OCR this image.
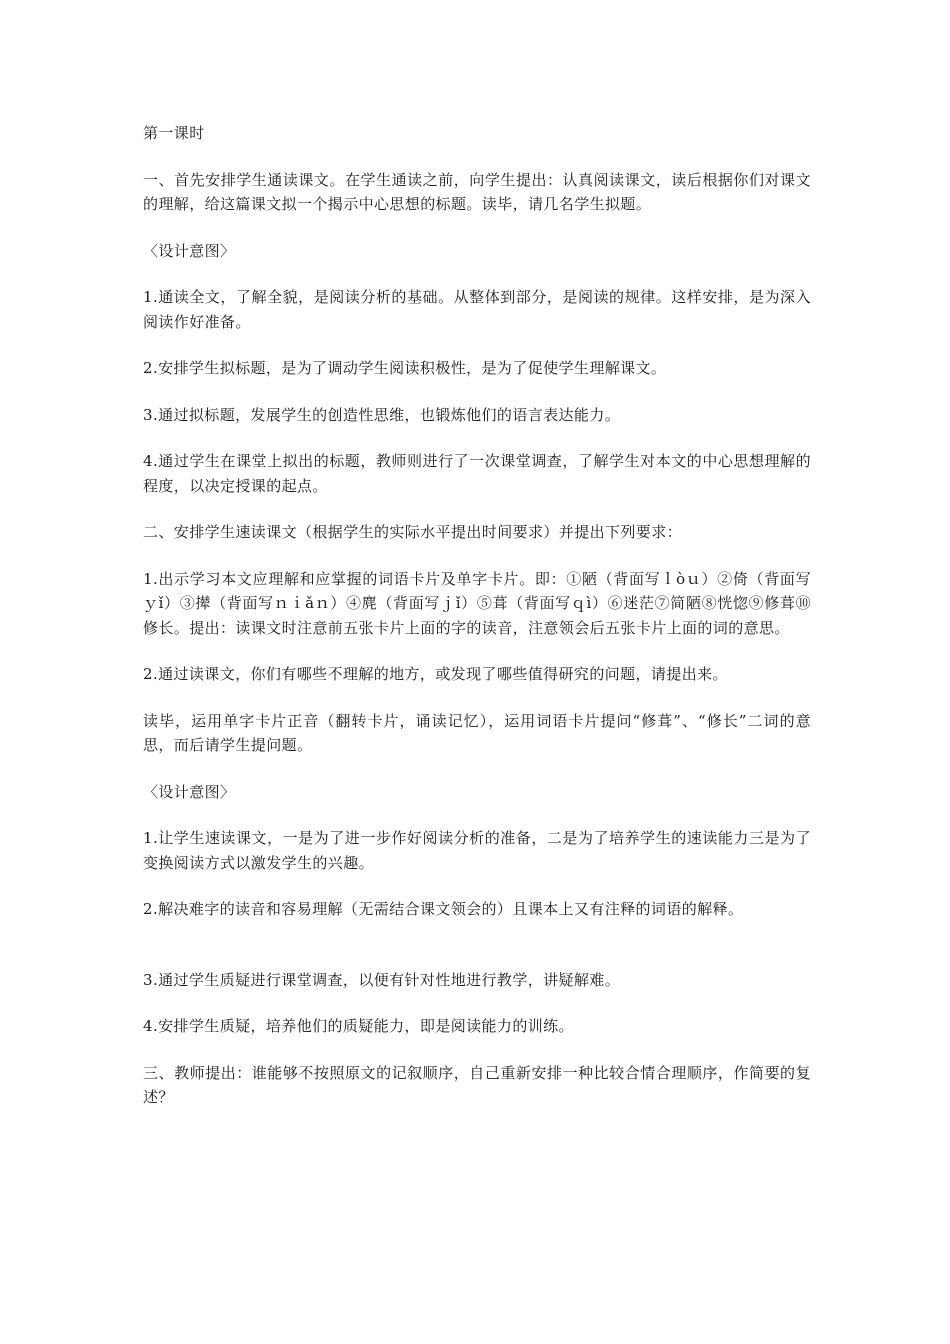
第一课时

一、首先安排学生通读课文。在学生通读之前，向学生提出：认真阅读课文，读后根据你们对课文的理解，给这篇课文拟一个揭示中心思想的标题。读毕，请几名学生拟题。

〈设计意图〉

1.通读全文，了解全貌，是阅读分析的基础。从整体到部分，是阅读的规律。这样安排，是为深入阅读作好准备。

2.安排学生拟标题，是为了调动学生阅读积极性，是为了促使学生理解课文。

3.通过拟标题，发展学生的创造性思维，也锻炼他们的语言表达能力。

4.通过学生在课堂上拟出的标题，教师则进行了一次课堂调查，了解学生对本文的中心思想理解的程度，以决定授课的起点。

二、安排学生速读课文（根据学生的实际水平提出时间要求）并提出下列要求：

1.出示学习本文应理解和应掌握的词语卡片及单字卡片。即：①陋（背面写ｌòｕ）②倚（背面写ｙǐ）③撵（背面写ｎｉǎｎ）④麂（背面写ｊǐ）⑤葺（背面写ｑì）⑥迷茫⑦简陋⑧恍惚⑨修葺⑩修长。提出：读课文时注意前五张卡片上面的字的读音，注意领会后五张卡片上面的词的意思。

2.通过读课文，你们有哪些不理解的地方，或发现了哪些值得研究的问题，请提出来。

读毕，运用单字卡片正音（翻转卡片，诵读记忆），运用词语卡片提问“修葺”、“修长”二词的意思，而后请学生提问题。

〈设计意图〉

1.让学生速读课文，一是为了进一步作好阅读分析的准备，二是为了培养学生的速读能力三是为了变换阅读方式以激发学生的兴趣。

2.解决难字的读音和容易理解（无需结合课文领会的）且课本上又有注释的词语的解释。

3.通过学生质疑进行课堂调查，以便有针对性地进行教学，讲疑解难。

4.安排学生质疑，培养他们的质疑能力，即是阅读能力的训练。

三、教师提出：谁能够不按照原文的记叙顺序，自己重新安排一种比较合情合理顺序，作简要的复述？
